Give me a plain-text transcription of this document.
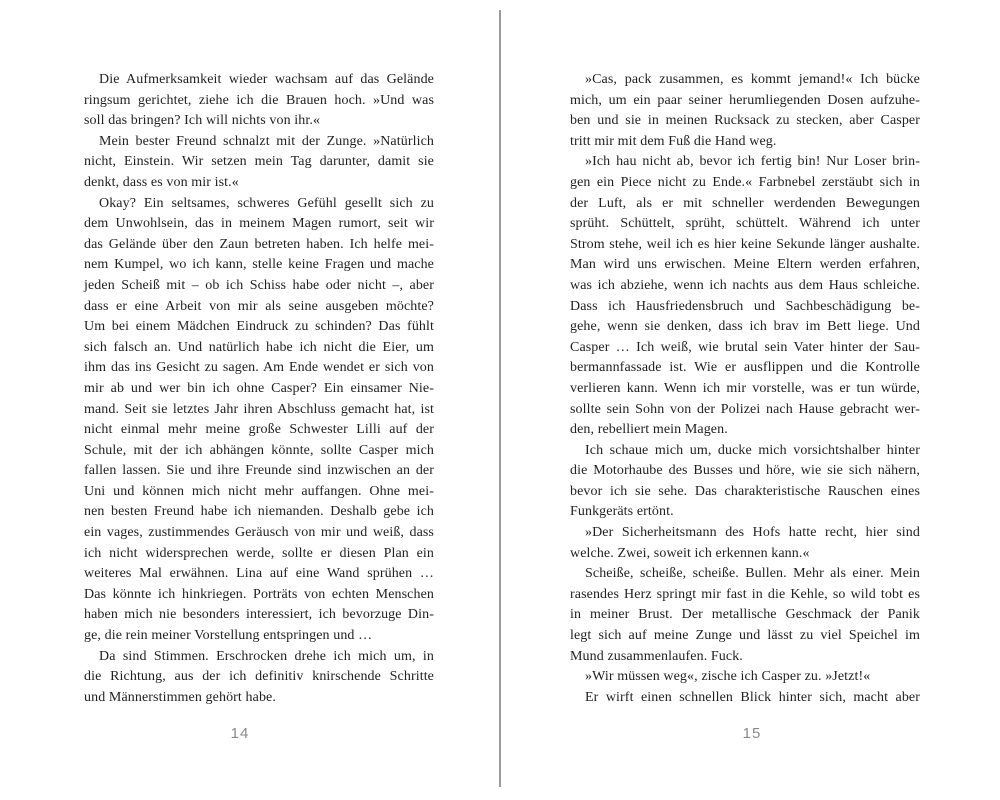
Die Aufmerksamkeit wieder wachsam auf das Gelände
ringsum gerichtet, ziehe ich die Brauen hoch. »Und was
soll das bringen? Ich will nichts von ihr.«
Mein bester Freund schnalzt mit der Zunge. »Natürlich
nicht, Einstein. Wir setzen mein Tag darunter, damit sie
denkt, dass es von mir ist.«
Okay? Ein seltsames, schweres Gefühl gesellt sich zu
dem Unwohlsein, das in meinem Magen rumort, seit wir
das Gelände über den Zaun betreten haben. Ich helfe mei-
nem Kumpel, wo ich kann, stelle keine Fragen und mache
jeden Scheiß mit – ob ich Schiss habe oder nicht –, aber
dass er eine Arbeit von mir als seine ausgeben möchte?
Um bei einem Mädchen Eindruck zu schinden? Das fühlt
sich falsch an. Und natürlich habe ich nicht die Eier, um
ihm das ins Gesicht zu sagen. Am Ende wendet er sich von
mir ab und wer bin ich ohne Casper? Ein einsamer Nie-
mand. Seit sie letztes Jahr ihren Abschluss gemacht hat, ist
nicht einmal mehr meine große Schwester Lilli auf der
Schule, mit der ich abhängen könnte, sollte Casper mich
fallen lassen. Sie und ihre Freunde sind inzwischen an der
Uni und können mich nicht mehr auffangen. Ohne mei-
nen besten Freund habe ich niemanden. Deshalb gebe ich
ein vages, zustimmendes Geräusch von mir und weiß, dass
ich nicht widersprechen werde, sollte er diesen Plan ein
weiteres Mal erwähnen. Lina auf eine Wand sprühen …
Das könnte ich hinkriegen. Porträts von echten Menschen
haben mich nie besonders interessiert, ich bevorzuge Din-
ge, die rein meiner Vorstellung entspringen und …
Da sind Stimmen. Erschrocken drehe ich mich um, in
die Richtung, aus der ich definitiv knirschende Schritte
und Männerstimmen gehört habe.
»Cas, pack zusammen, es kommt jemand!« Ich bücke
mich, um ein paar seiner herumliegenden Dosen aufzuhe-
ben und sie in meinen Rucksack zu stecken, aber Casper
tritt mir mit dem Fuß die Hand weg.
»Ich hau nicht ab, bevor ich fertig bin! Nur Loser brin-
gen ein Piece nicht zu Ende.« Farbnebel zerstäubt sich in
der Luft, als er mit schneller werdenden Bewegungen
sprüht. Schüttelt, sprüht, schüttelt. Während ich unter
Strom stehe, weil ich es hier keine Sekunde länger aushalte.
Man wird uns erwischen. Meine Eltern werden erfahren,
was ich abziehe, wenn ich nachts aus dem Haus schleiche.
Dass ich Hausfriedensbruch und Sachbeschädigung be-
gehe, wenn sie denken, dass ich brav im Bett liege. Und
Casper … Ich weiß, wie brutal sein Vater hinter der Sau-
bermannfassade ist. Wie er ausflippen und die Kontrolle
verlieren kann. Wenn ich mir vorstelle, was er tun würde,
sollte sein Sohn von der Polizei nach Hause gebracht wer-
den, rebelliert mein Magen.
Ich schaue mich um, ducke mich vorsichtshalber hinter
die Motorhaube des Busses und höre, wie sie sich nähern,
bevor ich sie sehe. Das charakteristische Rauschen eines
Funkgeräts ertönt.
»Der Sicherheitsmann des Hofs hatte recht, hier sind
welche. Zwei, soweit ich erkennen kann.«
Scheiße, scheiße, scheiße. Bullen. Mehr als einer. Mein
rasendes Herz springt mir fast in die Kehle, so wild tobt es
in meiner Brust. Der metallische Geschmack der Panik
legt sich auf meine Zunge und lässt zu viel Speichel im
Mund zusammenlaufen. Fuck.
»Wir müssen weg«, zische ich Casper zu. »Jetzt!«
Er wirft einen schnellen Blick hinter sich, macht aber
14	15
